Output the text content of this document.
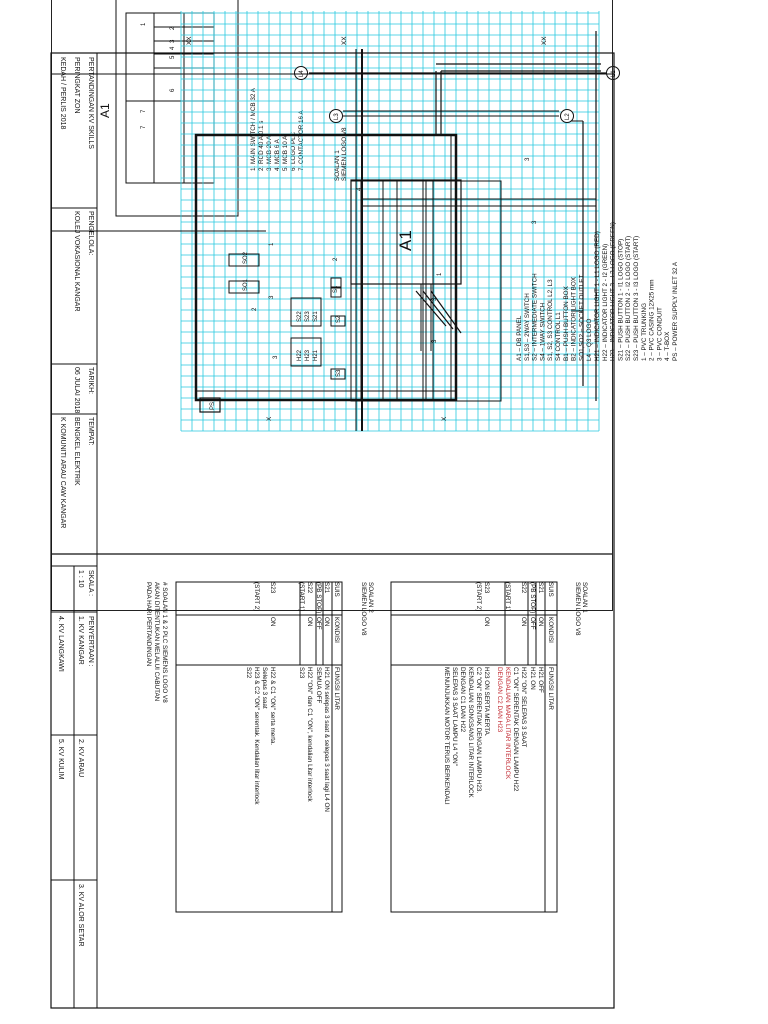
A1
1
2
3
4
5
6
7
7	1. MAIN SWITCH / MCB 32 A 2. RCD 40 A/0.1 s 3. MCB 20 A 4. MCB 6 A 5. MCB 10 A 6. LOGO PLC 7. CONTACTOR 16 A
A1
PS
XX
XX
XX
X
X
1
1
2
2
3
3
3
3
3
3
4
L2
L3
L1
L4
S1
S2
S3
H23
S23
H22
S22
H21
S21
SO2
SO1
A1 – DB PANEL S1,S3 – 2WAY SWITCH S2 – INTERMEDIATE SWITCH S4 – 1WAY SWITCH S1, S2, S3 CONTROL L2, L3 S4 CONTROL L1 B1 – PUSH BUTTON BOX B2 – INDICATOR LIGHT BOX SO1,SO2 – SOCKET OUTLET L4 – Q3 LOGO H21 – INDICATOR LIGHT 1 - L1 LOGO (RED) H22 – INDICATOR LIGHT 2 - I2 (GREEN) H23 – INDICATOR LIGHT 3 - L3 LOGO (GREEN) S21 – PUSH BUTTON 1 - I1 LOGO (STOP) S22 – PUSH BUTTON 2 - I2 LOGO (START) S23 – PUSH BUTTON 3 - I3 LOGO (START) 1 – PVC TRUNKING 2 – PVC CASING 12X25 mm 3 – PVC CONDUIT 4 – T-BOX PS – POWER SUPPLY INLET 32 A
SOALAN 1 SIEMEN LOGO V8
SOALAN 1
SIEMEN LOGO V8
SUIS
KONDISI
FUNGSI LITAR
S21
ON
H21 OFF
(PB STOP)
OFF
H21 ON
S22
(START 1)
ON
H22 "ON" SELEPAS 3 SAAT
C1 "ON" SERENTAK DENGAN LAMPU H22
KENDALIAN MARA LITAR INTERLOCK
DENGAN C2 DAN H23
S23
(START 2)
ON
H23 ON SERTA MERTA.
C2 "ON" SERENTAK DENGAN LAMPU H23.
KENDALIAN SONGSANG LITAR INTERLOCK
DENGAN C1 DAN H22
SELEPAS 3 SAAT LAMPU L4 "ON"
MENUNJUKKAN MOTOR TERUS BERKENDALI
SOALAN 2
SIEMEN LOGO V8
SUIS
KONDISI
FUNGSI LITAR
S21
ON
H21 ON selepas 3 saat & selepas 3 saat lagi L4 ON
(PB STOP)
OFF
SEMUA OFF
S22
(START 1)
ON
H22 "ON" dan C1 "ON", kendalian Litar interlock
S23
S23
(START 2)
ON
H22 & C1 "ON" serta merta.
Selepas 3 saat
H23 & C2 "ON" serentak. Kendalian litar interlock
S22
# SOALAN 1 & 2 PLC SIEMENS LOGO V8
AKAN DITENTUKAN MELALUI CABUTAN
PADA HARI PERTANDINGAN
PERTANDINGAN KV SKILLS
PERINGKAT ZON
KEDAH / PERLIS 2018
PENGELOLA:
KOLEJ VOKASIONAL KANGAR
TARIKH:
06 JULAI 2018
TEMPAT:
BENGKEL ELEKTRIK
K KOMUNITI ARAU CAW KANGAR
SKALA :
1 : 10
PENYERTAAN :
1. KV KANGAR
2. KV ARAU
3. KV ALOR SETAR
4. KV LANGKAWI
5. KV KULIM
